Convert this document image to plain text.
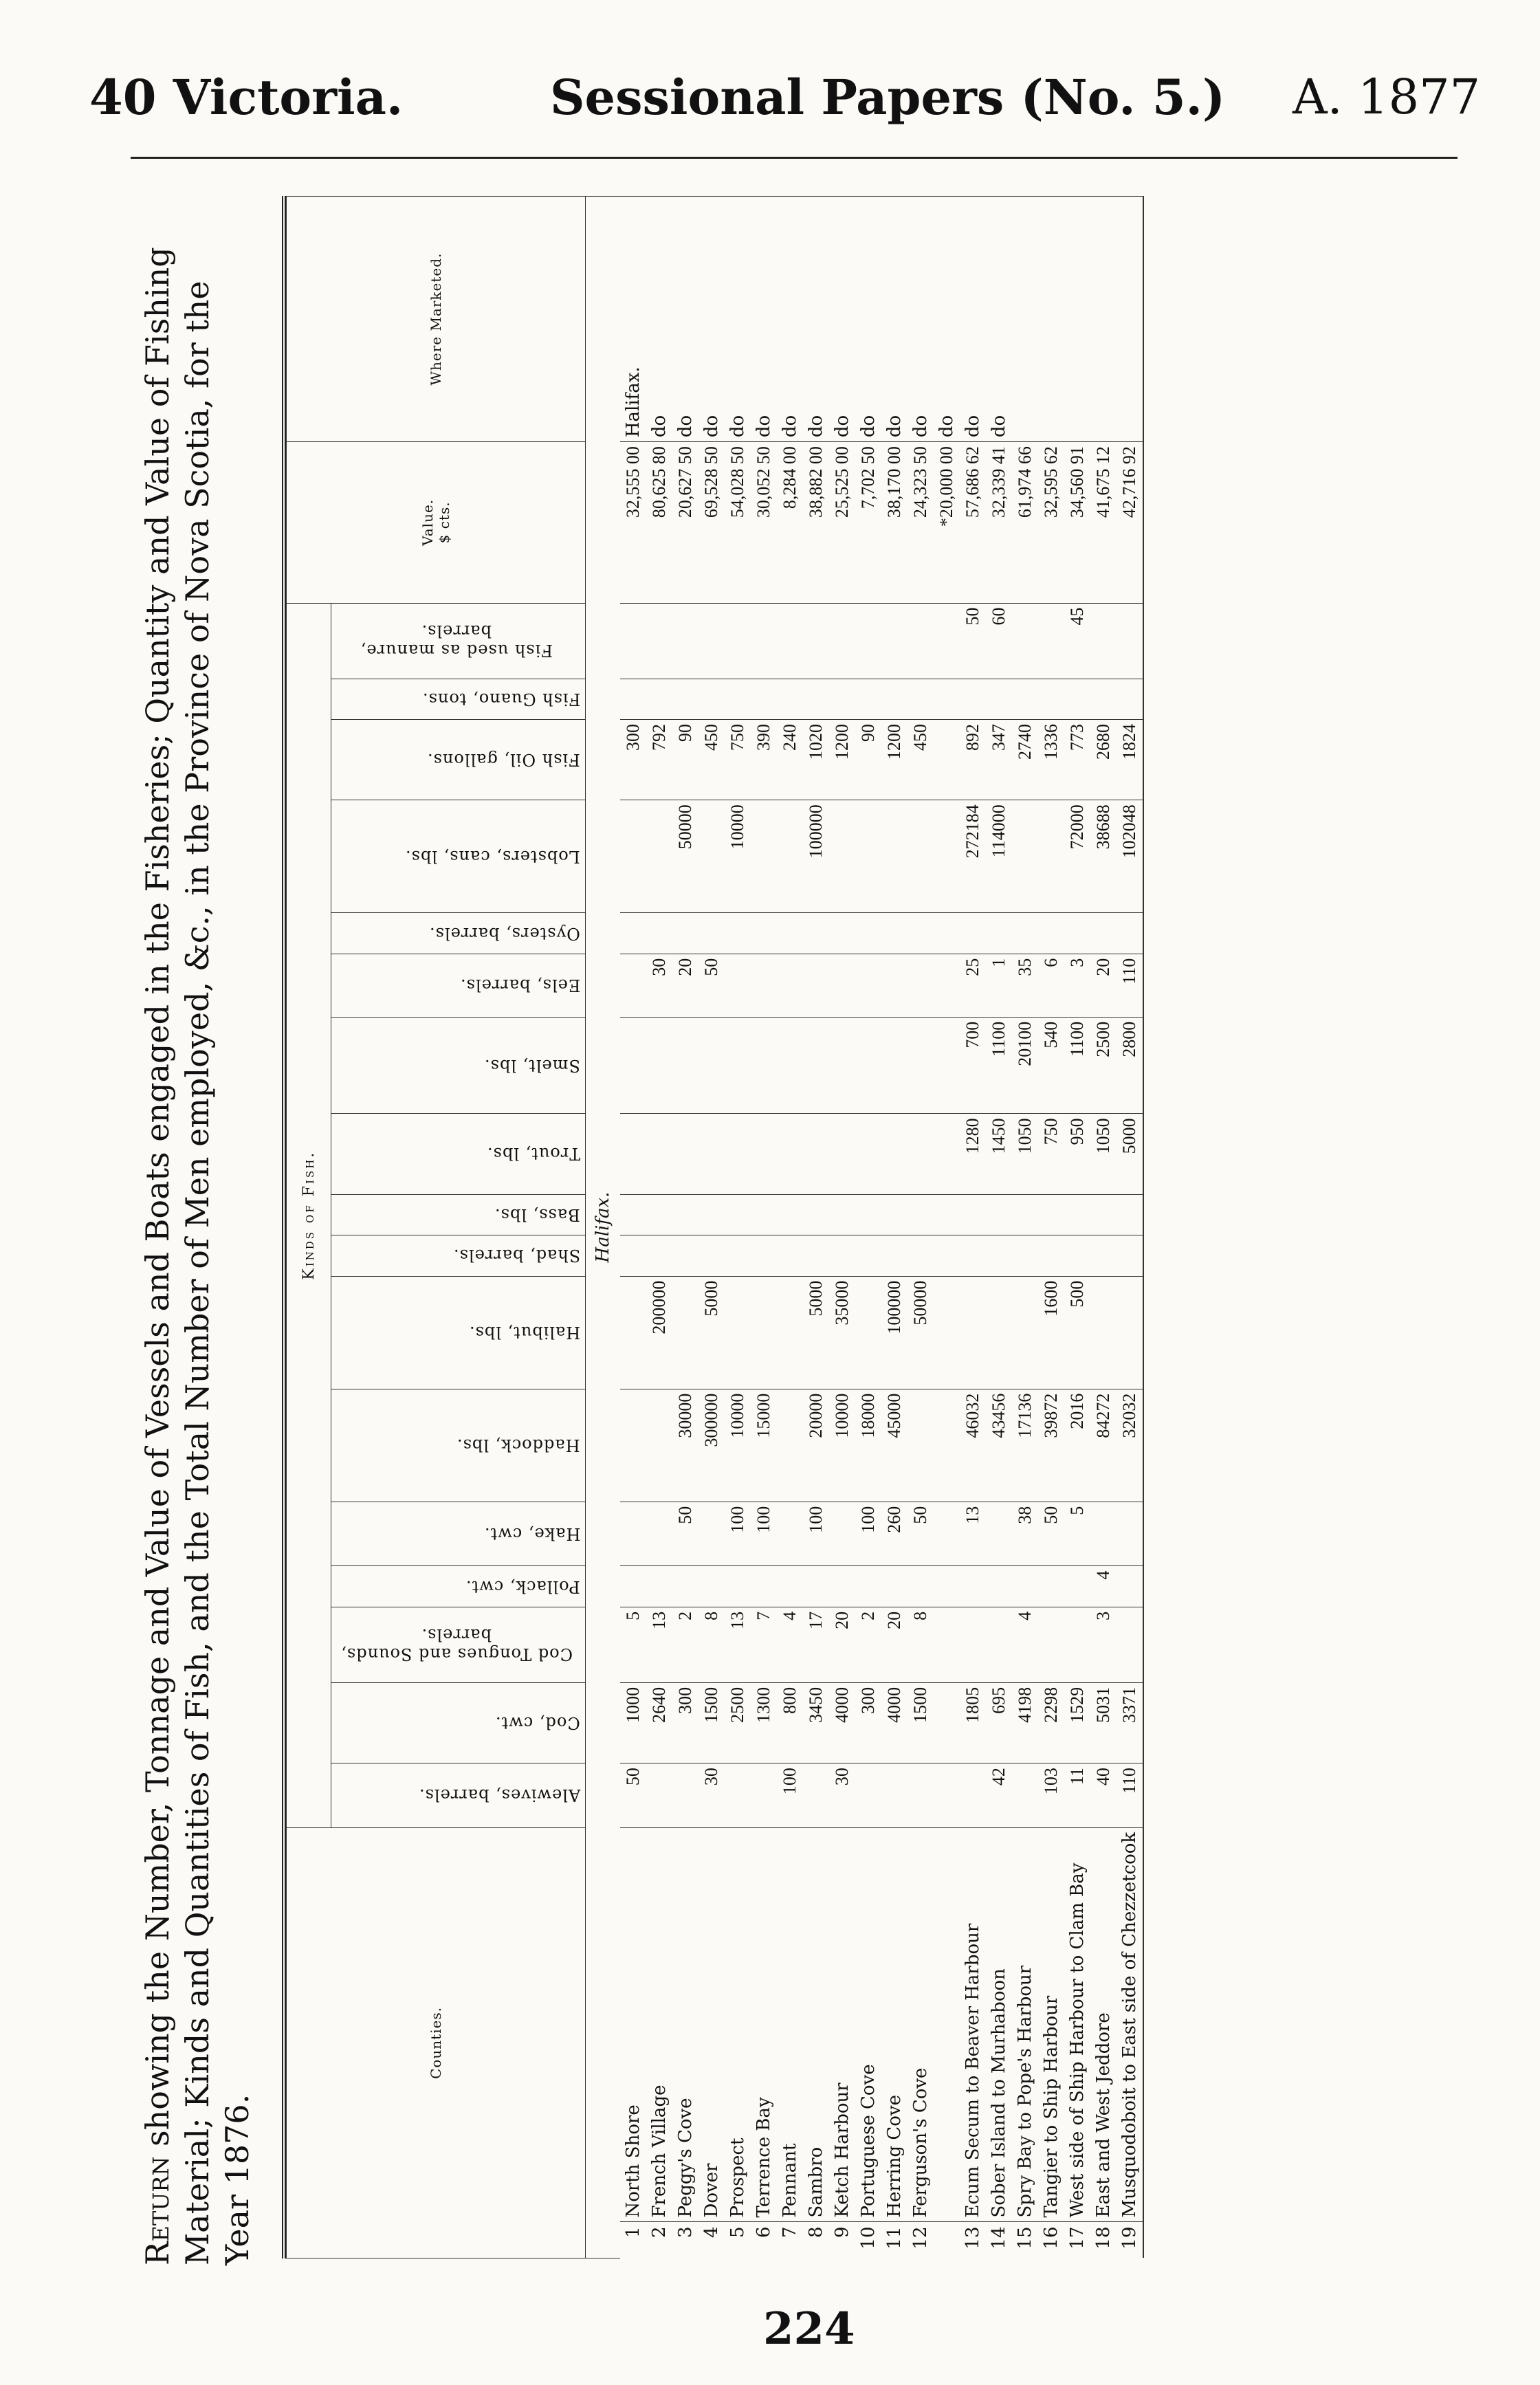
40 Victoria.	Sessional Papers (No. 5.) A. 1877
Return showing the Number, Tonnage and Value of Vessels and Boats engaged in the Fisheries; Quantity and Value of Fishing Material; Kinds and Quantities of Fish, and the Total Number of Men employed, &c., in the Province of Nova Scotia, for the Year 1876.
Counties.		Kinds of Fish.																	Value. $ cts.	Where Marketed.
		Alewives, barrels.	Cod, cwt.	Cod Tongues and Sounds, barrels.	Pollack, cwt.	Hake, cwt.	Haddock, lbs.	Halibut, lbs.	Shad, barrels.	Bass, lbs.	Trout, lbs.	Smelt, lbs.	Eels, barrels.	Oysters, barrels.	Lobsters, cans, lbs.	Fish Oil, gallons.	Fish Guano, tons.	Fish used as manure, barrels.		
Halifax.																				
1	North Shore	50	1000	5												300			32,555 00	Halifax.
2	French Village		2640	13				200000					30			792			80,625 80	do
3	Peggy's Cove		300	2		50	30000						20		50000	90			20,627 50	do
4	Dover	30	1500	8			300000	5000					50			450			69,528 50	do
5	Prospect		2500	13		100	10000								10000	750			54,028 50	do
6	Terrence Bay		1300	7		100	15000									390			30,052 50	do
7	Pennant	100	800	4												240			8,284 00	do
8	Sambro		3450	17		100	20000	5000							100000	1020			38,882 00	do
9	Ketch Harbour	30	4000	20			10000	35000								1200			25,525 00	do
10	Portuguese Cove		300	2		100	18000									90			7,702 50	do
11	Herring Cove		4000	20		260	45000	100000								1200			38,170 00	do
12	Ferguson's Cove		1500	8		50		50000								450			24,323 50	do
																			*20,000 00	do
13	Ecum Secum to Beaver Harbour		1805			13	46032				1280	700	25		272184	892		50	57,686 62	do
14	Sober Island to Murhaboon	42	695				43456				1450	1100	1		114000	347		60	32,339 41	do
15	Spry Bay to Pope's Harbour		4198	4		38	17136				1050	20100	35			2740			61,974 66	
16	Tangier to Ship Harbour	103	2298			50	39872	1600			750	540	6			1336			32,595 62	
17	West side of Ship Harbour to Clam Bay	11	1529			5	2016	500			950	1100	3		72000	773		45	34,560 91	
18	East and West Jeddore	40	5031	3	4		84272				1050	2500	20		38688	2680			41,675 12	
19	Musquodoboit to East side of Chezzetcook	110	3371				32032				5000	2800	110		102048	1824			42,716 92	
224
